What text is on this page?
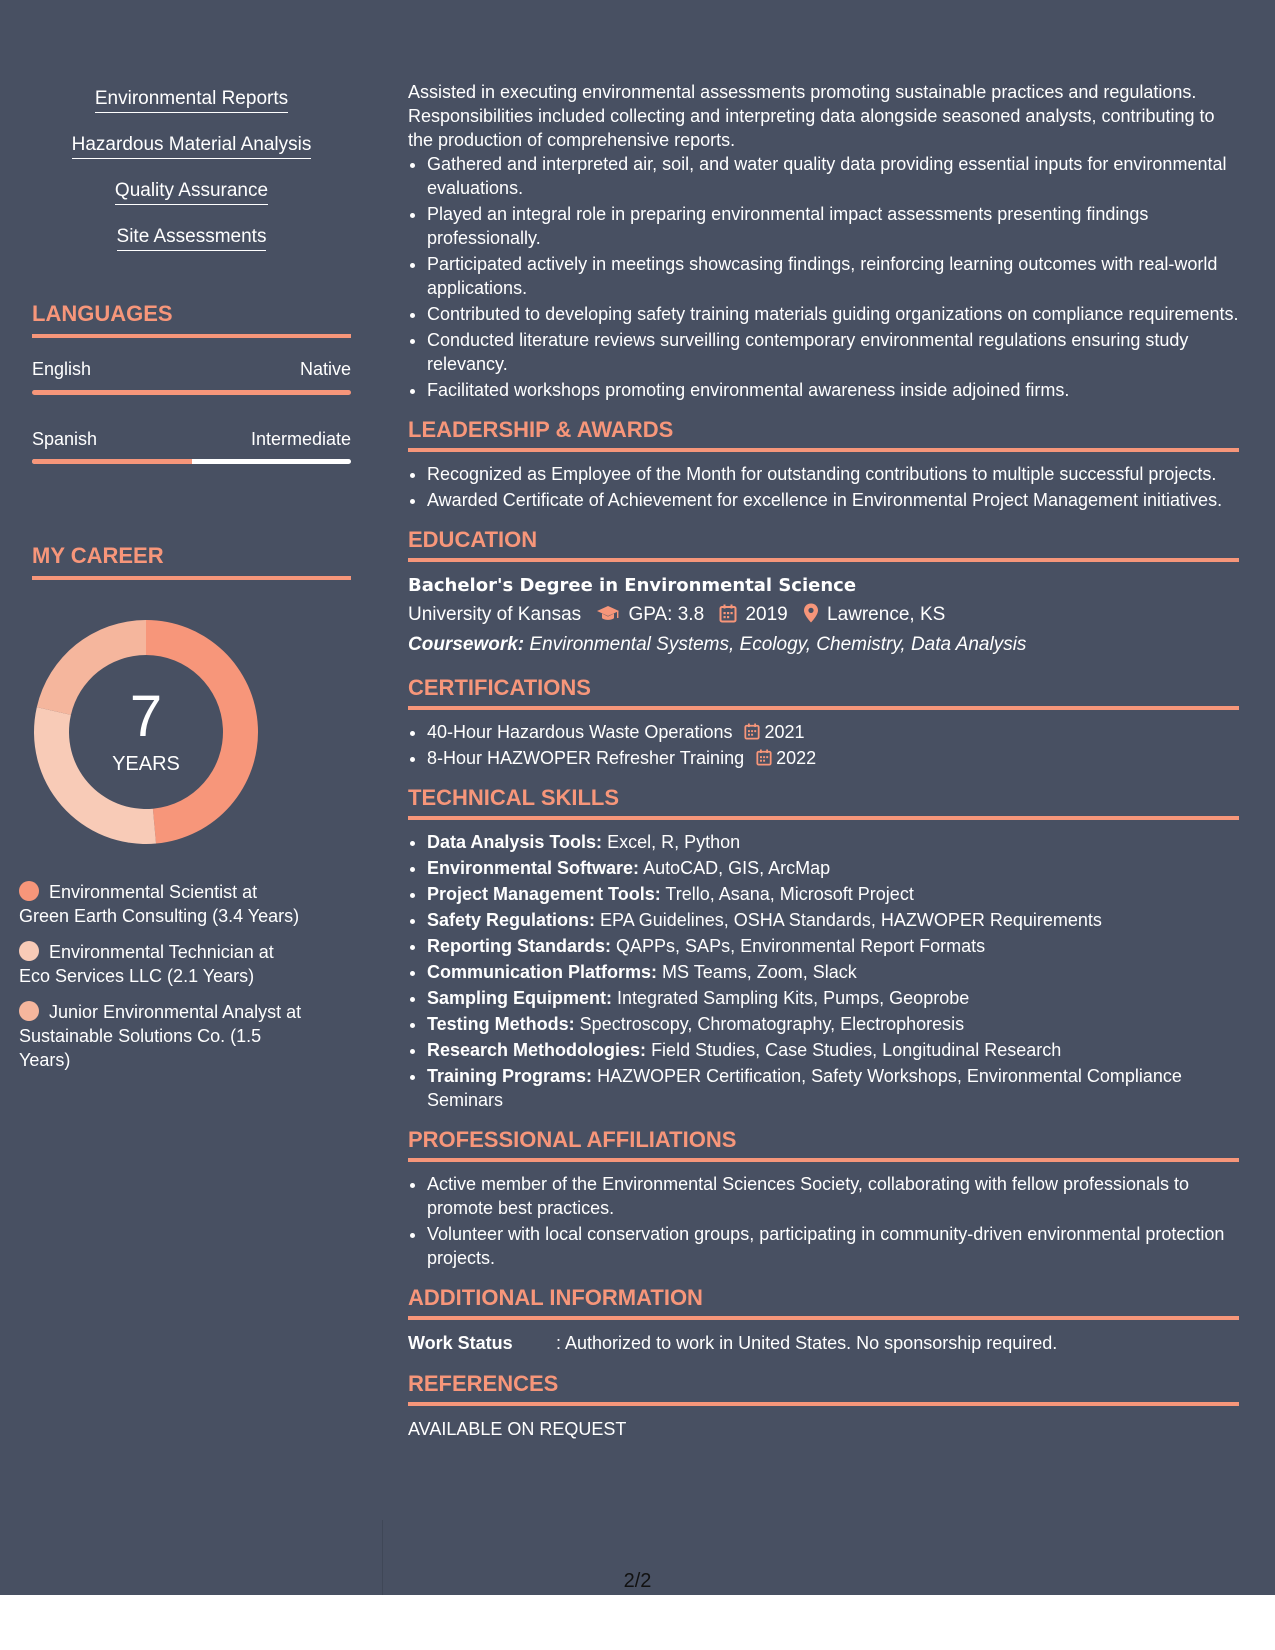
Environmental Reports
Hazardous Material Analysis
Quality Assurance
Site Assessments
LANGUAGES
English	Native
Spanish	Intermediate
MY CAREER
7
YEARS
Environmental Scientist at Green Earth Consulting (3.4 Years)
Environmental Technician at Eco Services LLC (2.1 Years)
Junior Environmental Analyst at Sustainable Solutions Co. (1.5 Years)

Assisted in executing environmental assessments promoting sustainable practices and regulations. Responsibilities included collecting and interpreting data alongside seasoned analysts, contributing to the production of comprehensive reports.

• Gathered and interpreted air, soil, and water quality data providing essential inputs for environmental evaluations.
• Played an integral role in preparing environmental impact assessments presenting findings professionally.
• Participated actively in meetings showcasing findings, reinforcing learning outcomes with real-world applications.
• Contributed to developing safety training materials guiding organizations on compliance requirements.
• Conducted literature reviews surveilling contemporary environmental regulations ensuring study relevancy.
• Facilitated workshops promoting environmental awareness inside adjoined firms.
LEADERSHIP & AWARDS
• Recognized as Employee of the Month for outstanding contributions to multiple successful projects.
• Awarded Certificate of Achievement for excellence in Environmental Project Management initiatives.
EDUCATION
Bachelor's Degree in Environmental Science
University of Kansas GPA: 3.8 2019 Lawrence, KS
Coursework: Environmental Systems, Ecology, Chemistry, Data Analysis
CERTIFICATIONS
• 40-Hour Hazardous Waste Operations 2021
• 8-Hour HAZWOPER Refresher Training 2022
TECHNICAL SKILLS
• Data Analysis Tools: Excel, R, Python
• Environmental Software: AutoCAD, GIS, ArcMap
• Project Management Tools: Trello, Asana, Microsoft Project
• Safety Regulations: EPA Guidelines, OSHA Standards, HAZWOPER Requirements
• Reporting Standards: QAPPs, SAPs, Environmental Report Formats
• Communication Platforms: MS Teams, Zoom, Slack
• Sampling Equipment: Integrated Sampling Kits, Pumps, Geoprobe
• Testing Methods: Spectroscopy, Chromatography, Electrophoresis
• Research Methodologies: Field Studies, Case Studies, Longitudinal Research
• Training Programs: HAZWOPER Certification, Safety Workshops, Environmental Compliance Seminars
PROFESSIONAL AFFILIATIONS
• Active member of the Environmental Sciences Society, collaborating with fellow professionals to promote best practices.
• Volunteer with local conservation groups, participating in community-driven environmental protection projects.
ADDITIONAL INFORMATION
Work Status : Authorized to work in United States. No sponsorship required.
REFERENCES
AVAILABLE ON REQUEST
2/2
